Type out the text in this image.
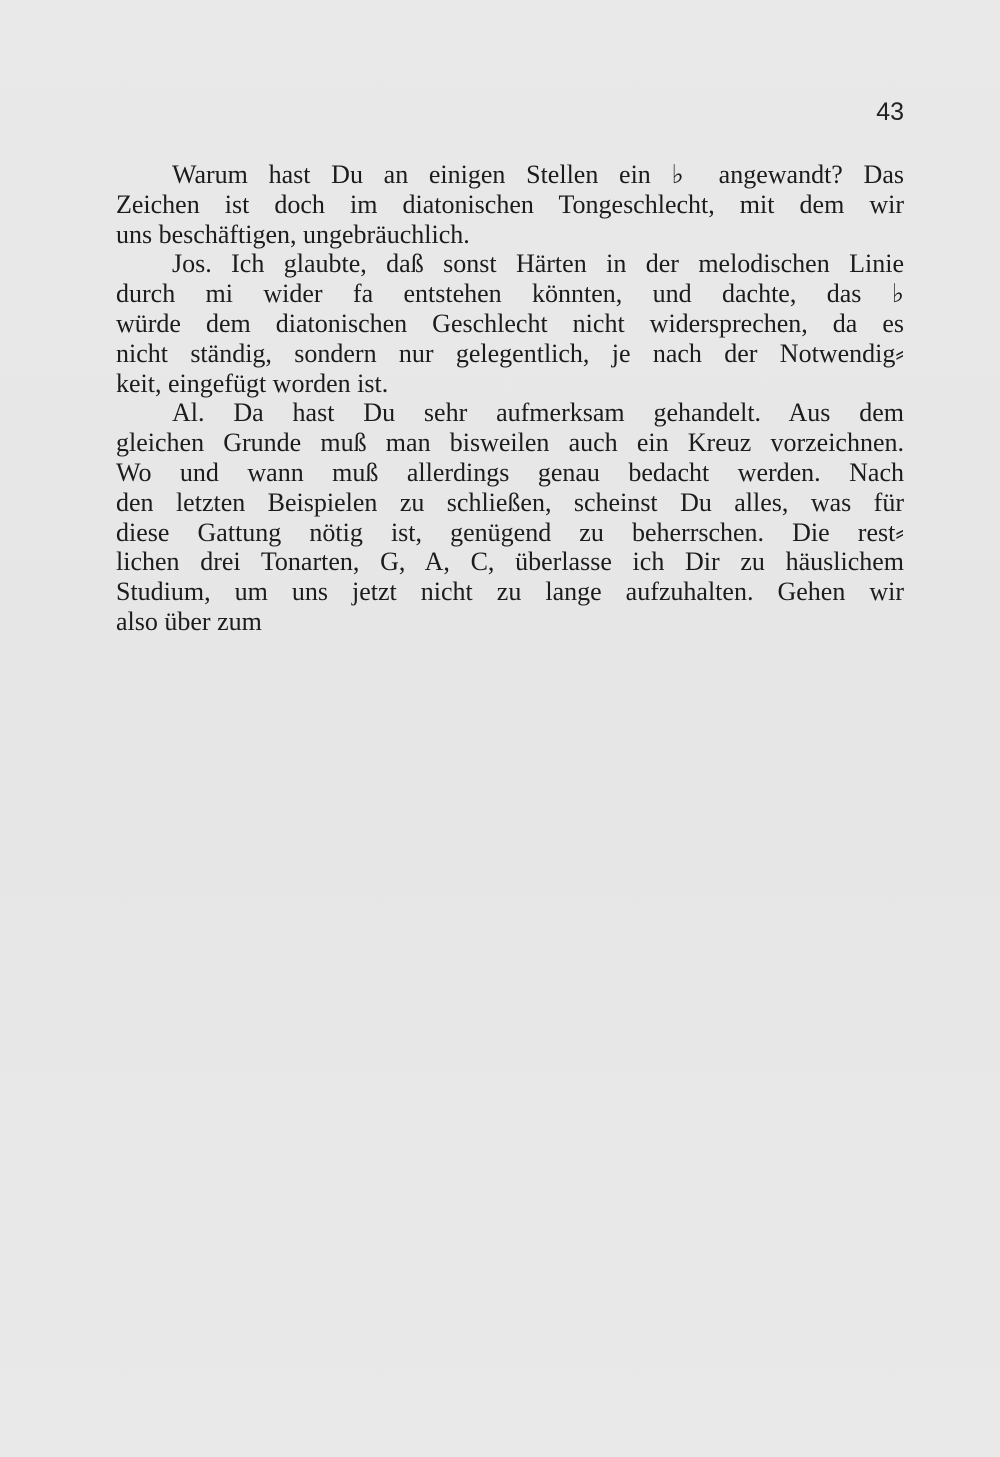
43
Warum hast Du an einigen Stellen ein ♭ angewandt? Das
Zeichen ist doch im diatonischen Tongeschlecht, mit dem wir
uns beschäftigen, ungebräuchlich.
Jos. Ich glaubte, daß sonst Härten in der melodischen Linie
durch mi wider fa entstehen könnten, und dachte, das ♭
würde dem diatonischen Geschlecht nicht widersprechen, da es
nicht ständig, sondern nur gelegentlich, je nach der Notwendig⸗
keit, eingefügt worden ist.
Al. Da hast Du sehr aufmerksam gehandelt. Aus dem
gleichen Grunde muß man bisweilen auch ein Kreuz vorzeichnen.
Wo und wann muß allerdings genau bedacht werden. Nach
den letzten Beispielen zu schließen, scheinst Du alles, was für
diese Gattung nötig ist, genügend zu beherrschen. Die rest⸗
lichen drei Tonarten, G, A, C, überlasse ich Dir zu häuslichem
Studium, um uns jetzt nicht zu lange aufzuhalten. Gehen wir
also über zum
